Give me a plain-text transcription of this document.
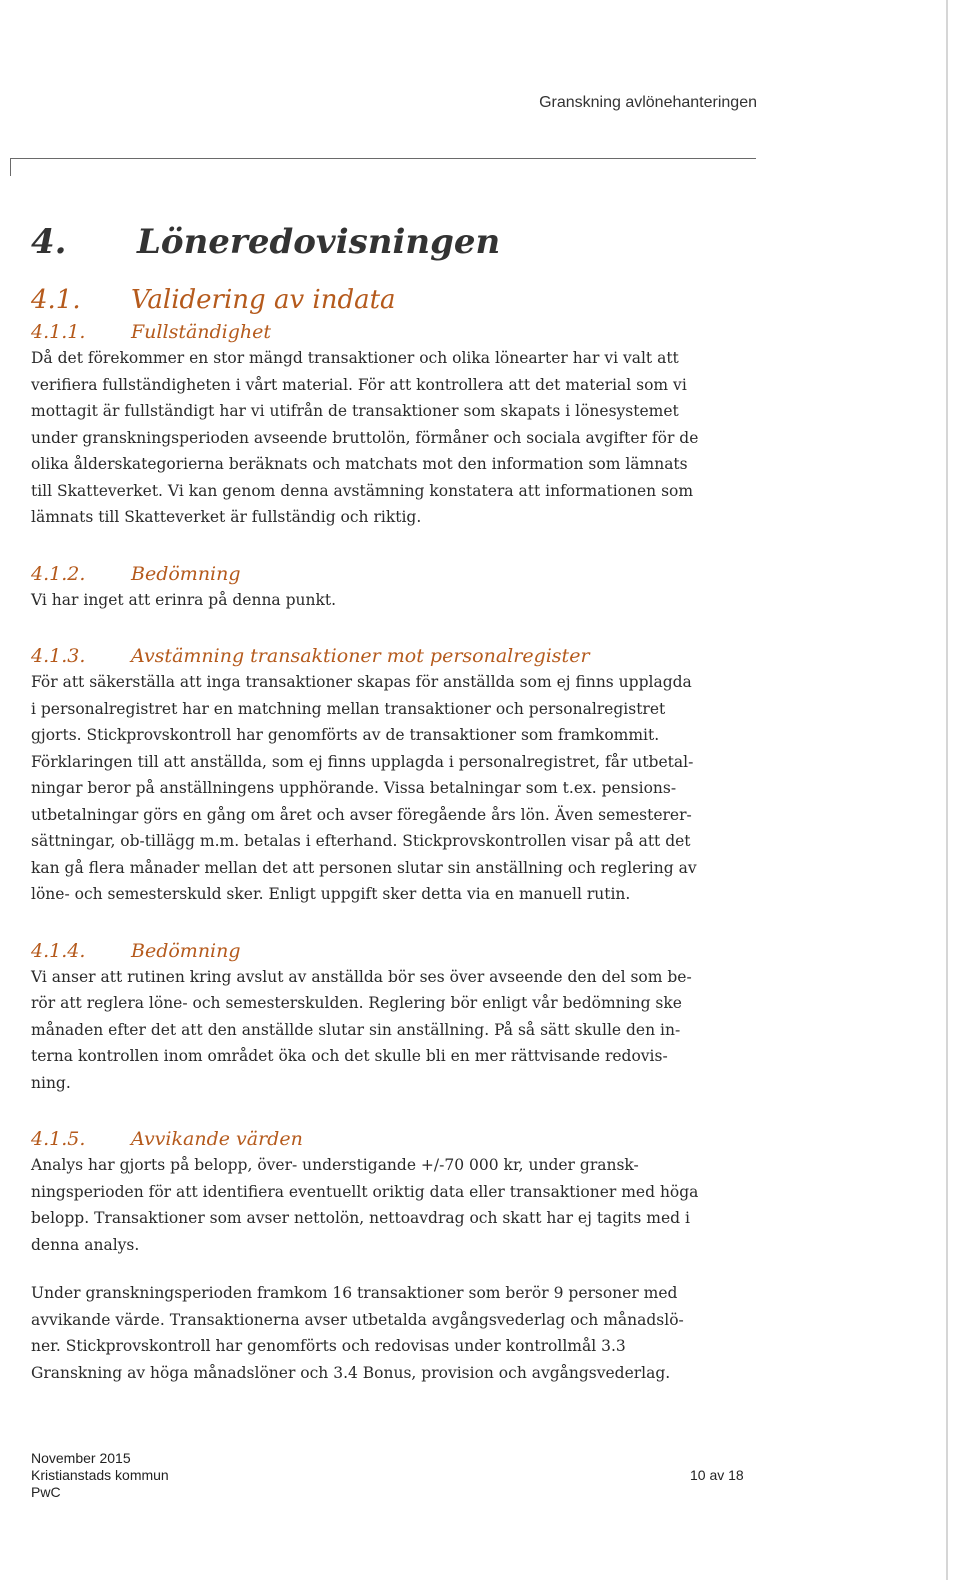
Granskning avlönehanteringen
4.	Löneredovisningen
4.1.	Validering av indata
4.1.1.	Fullständighet
Då det förekommer en stor mängd transaktioner och olika lönearter har vi valt att
verifiera fullständigheten i vårt material. För att kontrollera att det material som vi
mottagit är fullständigt har vi utifrån de transaktioner som skapats i lönesystemet
under granskningsperioden avseende bruttolön, förmåner och sociala avgifter för de
olika ålderskategorierna beräknats och matchats mot den information som lämnats
till Skatteverket. Vi kan genom denna avstämning konstatera att informationen som
lämnats till Skatteverket är fullständig och riktig.
4.1.2.	Bedömning
Vi har inget att erinra på denna punkt.
4.1.3.	Avstämning transaktioner mot personalregister
För att säkerställa att inga transaktioner skapas för anställda som ej finns upplagda
i personalregistret har en matchning mellan transaktioner och personalregistret
gjorts. Stickprovskontroll har genomförts av de transaktioner som framkommit.
Förklaringen till att anställda, som ej finns upplagda i personalregistret, får utbetal-
ningar beror på anställningens upphörande. Vissa betalningar som t.ex. pensions-
utbetalningar görs en gång om året och avser föregående års lön. Även semesterer-
sättningar, ob-tillägg m.m. betalas i efterhand. Stickprovskontrollen visar på att det
kan gå flera månader mellan det att personen slutar sin anställning och reglering av
löne- och semesterskuld sker. Enligt uppgift sker detta via en manuell rutin.
4.1.4.	Bedömning
Vi anser att rutinen kring avslut av anställda bör ses över avseende den del som be-
rör att reglera löne- och semesterskulden. Reglering bör enligt vår bedömning ske
månaden efter det att den anställde slutar sin anställning. På så sätt skulle den in-
terna kontrollen inom området öka och det skulle bli en mer rättvisande redovis-
ning.
4.1.5.	Avvikande värden
Analys har gjorts på belopp, över- understigande +/-70 000 kr, under gransk-
ningsperioden för att identifiera eventuellt oriktig data eller transaktioner med höga
belopp. Transaktioner som avser nettolön, nettoavdrag och skatt har ej tagits med i
denna analys.
Under granskningsperioden framkom 16 transaktioner som berör 9 personer med
avvikande värde. Transaktionerna avser utbetalda avgångsvederlag och månadslö-
ner. Stickprovskontroll har genomförts och redovisas under kontrollmål 3.3
Granskning av höga månadslöner och 3.4 Bonus, provision och avgångsvederlag.
November 2015
Kristianstads kommun
PwC
10 av 18
